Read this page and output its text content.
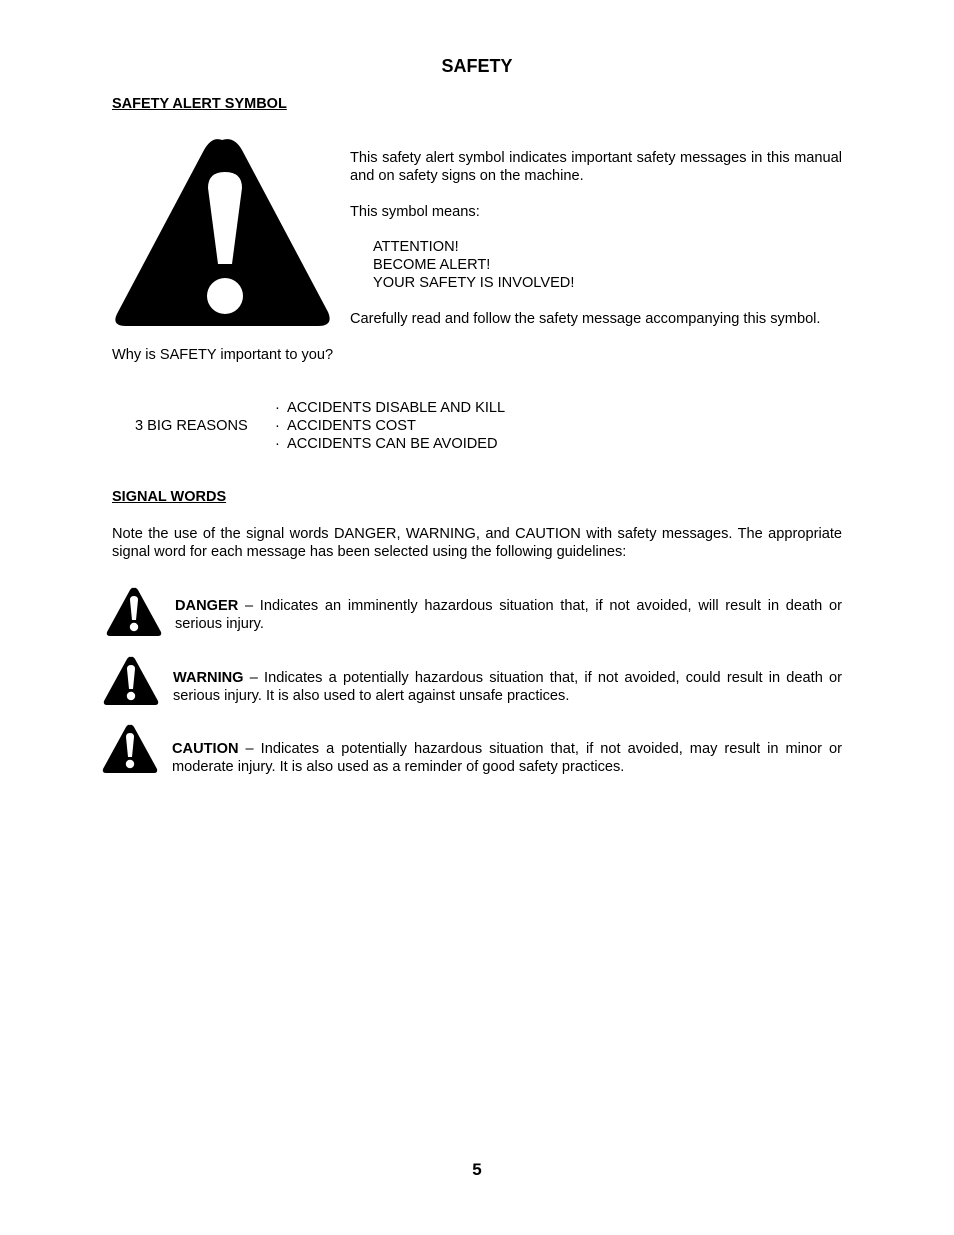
SAFETY
SAFETY ALERT SYMBOL
This safety alert symbol indicates important safety messages in this manual and on safety signs on the machine.
This symbol means:
ATTENTION!
BECOME ALERT!
YOUR SAFETY IS INVOLVED!
Carefully read and follow the safety message accompanying this symbol.
Why is SAFETY important to you?
3 BIG REASONS
· ACCIDENTS DISABLE AND KILL
· ACCIDENTS COST
· ACCIDENTS CAN BE AVOIDED
SIGNAL WORDS
Note the use of the signal words DANGER, WARNING, and CAUTION with safety messages. The appropriate signal word for each message has been selected using the following guidelines:
DANGER – Indicates an imminently hazardous situation that, if not avoided, will result in death or serious injury.
WARNING – Indicates a potentially hazardous situation that, if not avoided, could result in death or serious injury. It is also used to alert against unsafe practices.
CAUTION – Indicates a potentially hazardous situation that, if not avoided, may result in minor or moderate injury. It is also used as a reminder of good safety practices.
5
